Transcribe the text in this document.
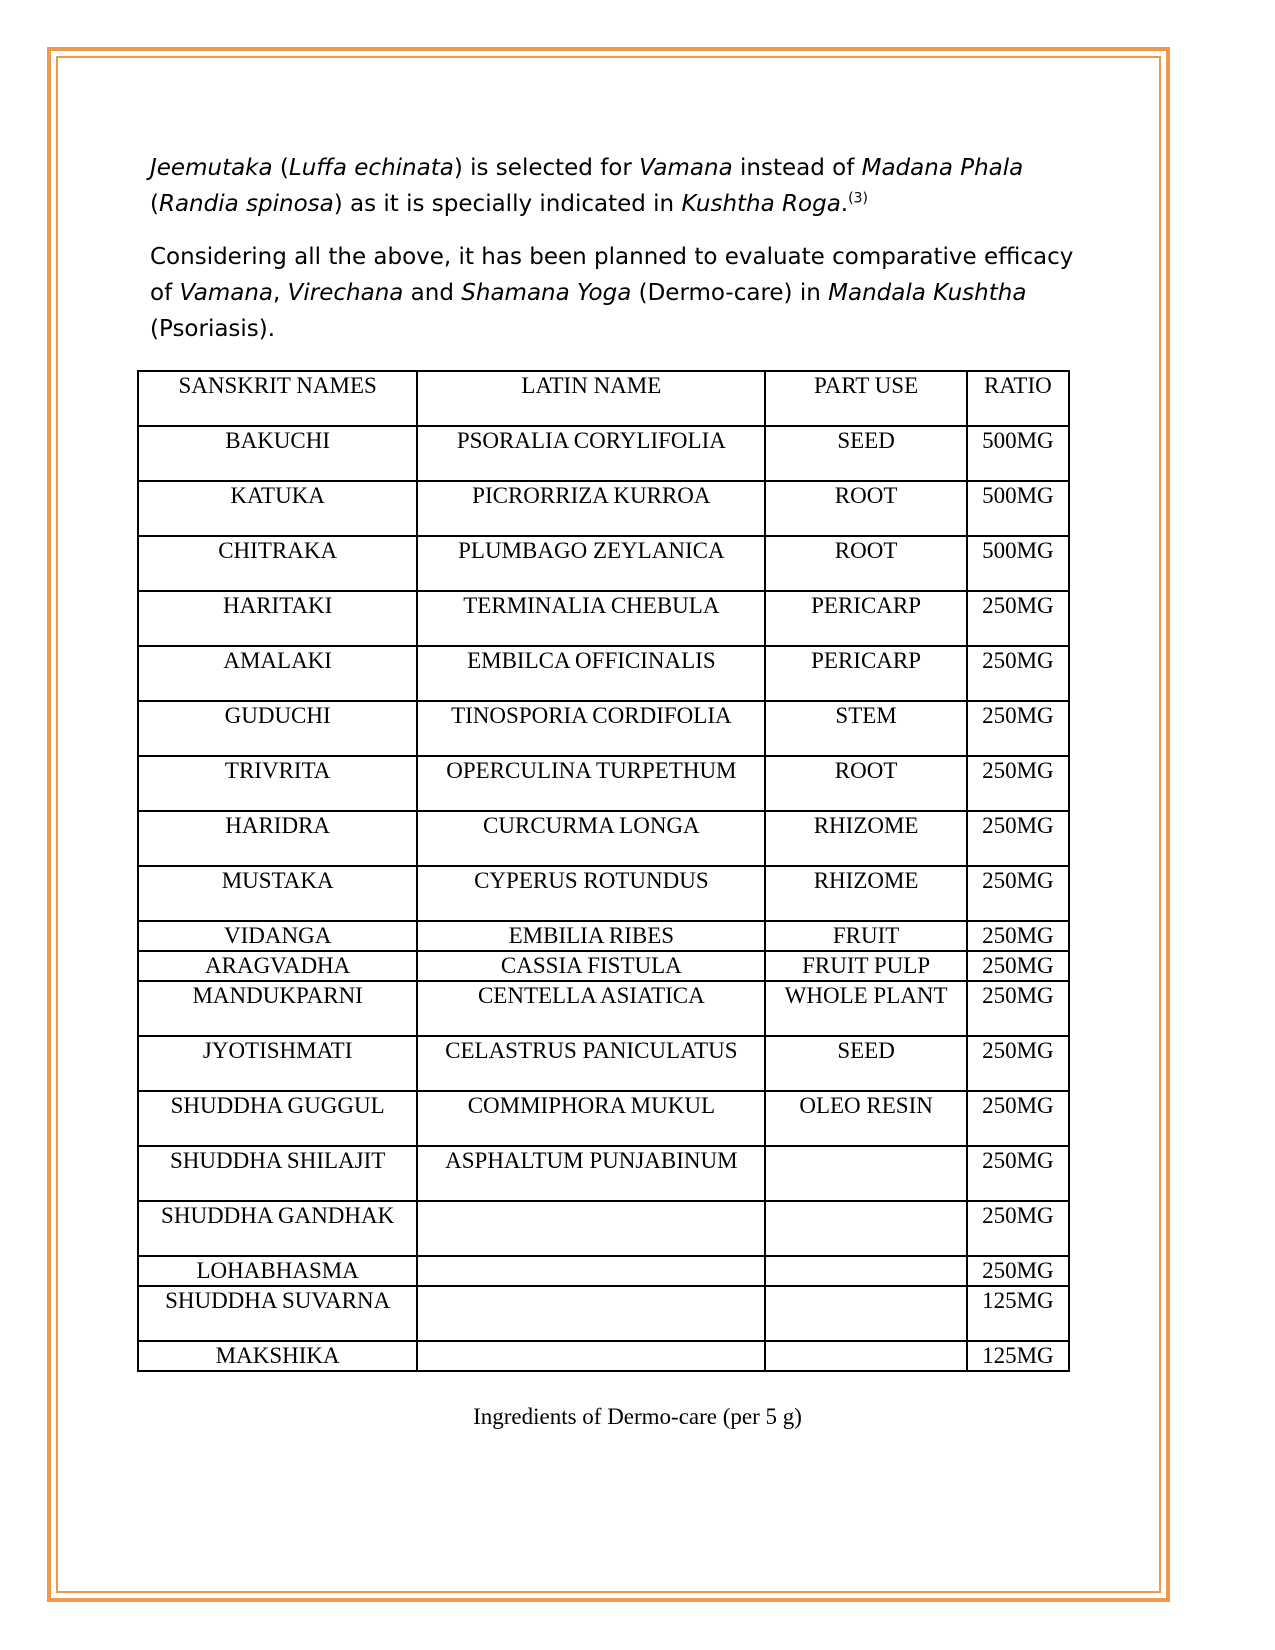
Jeemutaka (Luffa echinata) is selected for Vamana instead of Madana Phala (Randia spinosa) as it is specially indicated in Kushtha Roga.$^{(3)}$

Considering all the above, it has been planned to evaluate comparative efficacy of Vamana, Virechana and Shamana Yoga (Dermo-care) in Mandala Kushtha (Psoriasis).

SANSKRIT NAMES	LATIN NAME	PART USE	RATIO
BAKUCHI	PSORALIA CORYLIFOLIA	SEED	500MG
KATUKA	PICRORRIZA KURROA	ROOT	500MG
CHITRAKA	PLUMBAGO ZEYLANICA	ROOT	500MG
HARITAKI	TERMINALIA CHEBULA	PERICARP	250MG
AMALAKI	EMBILCA OFFICINALIS	PERICARP	250MG
GUDUCHI	TINOSPORIA CORDIFOLIA	STEM	250MG
TRIVRITA	OPERCULINA TURPETHUM	ROOT	250MG
HARIDRA	CURCURMA LONGA	RHIZOME	250MG
MUSTAKA	CYPERUS ROTUNDUS	RHIZOME	250MG
VIDANGA	EMBILIA RIBES	FRUIT	250MG
ARAGVADHA	CASSIA FISTULA	FRUIT PULP	250MG
MANDUKPARNI	CENTELLA ASIATICA	WHOLE PLANT	250MG
JYOTISHMATI	CELASTRUS PANICULATUS	SEED	250MG
SHUDDHA GUGGUL	COMMIPHORA MUKUL	OLEO RESIN	250MG
SHUDDHA SHILAJIT	ASPHALTUM PUNJABINUM		250MG
SHUDDHA GANDHAK			250MG
LOHABHASMA			250MG
SHUDDHA SUVARNA			125MG
MAKSHIKA			125MG
Ingredients of Dermo-care (per 5 g)
